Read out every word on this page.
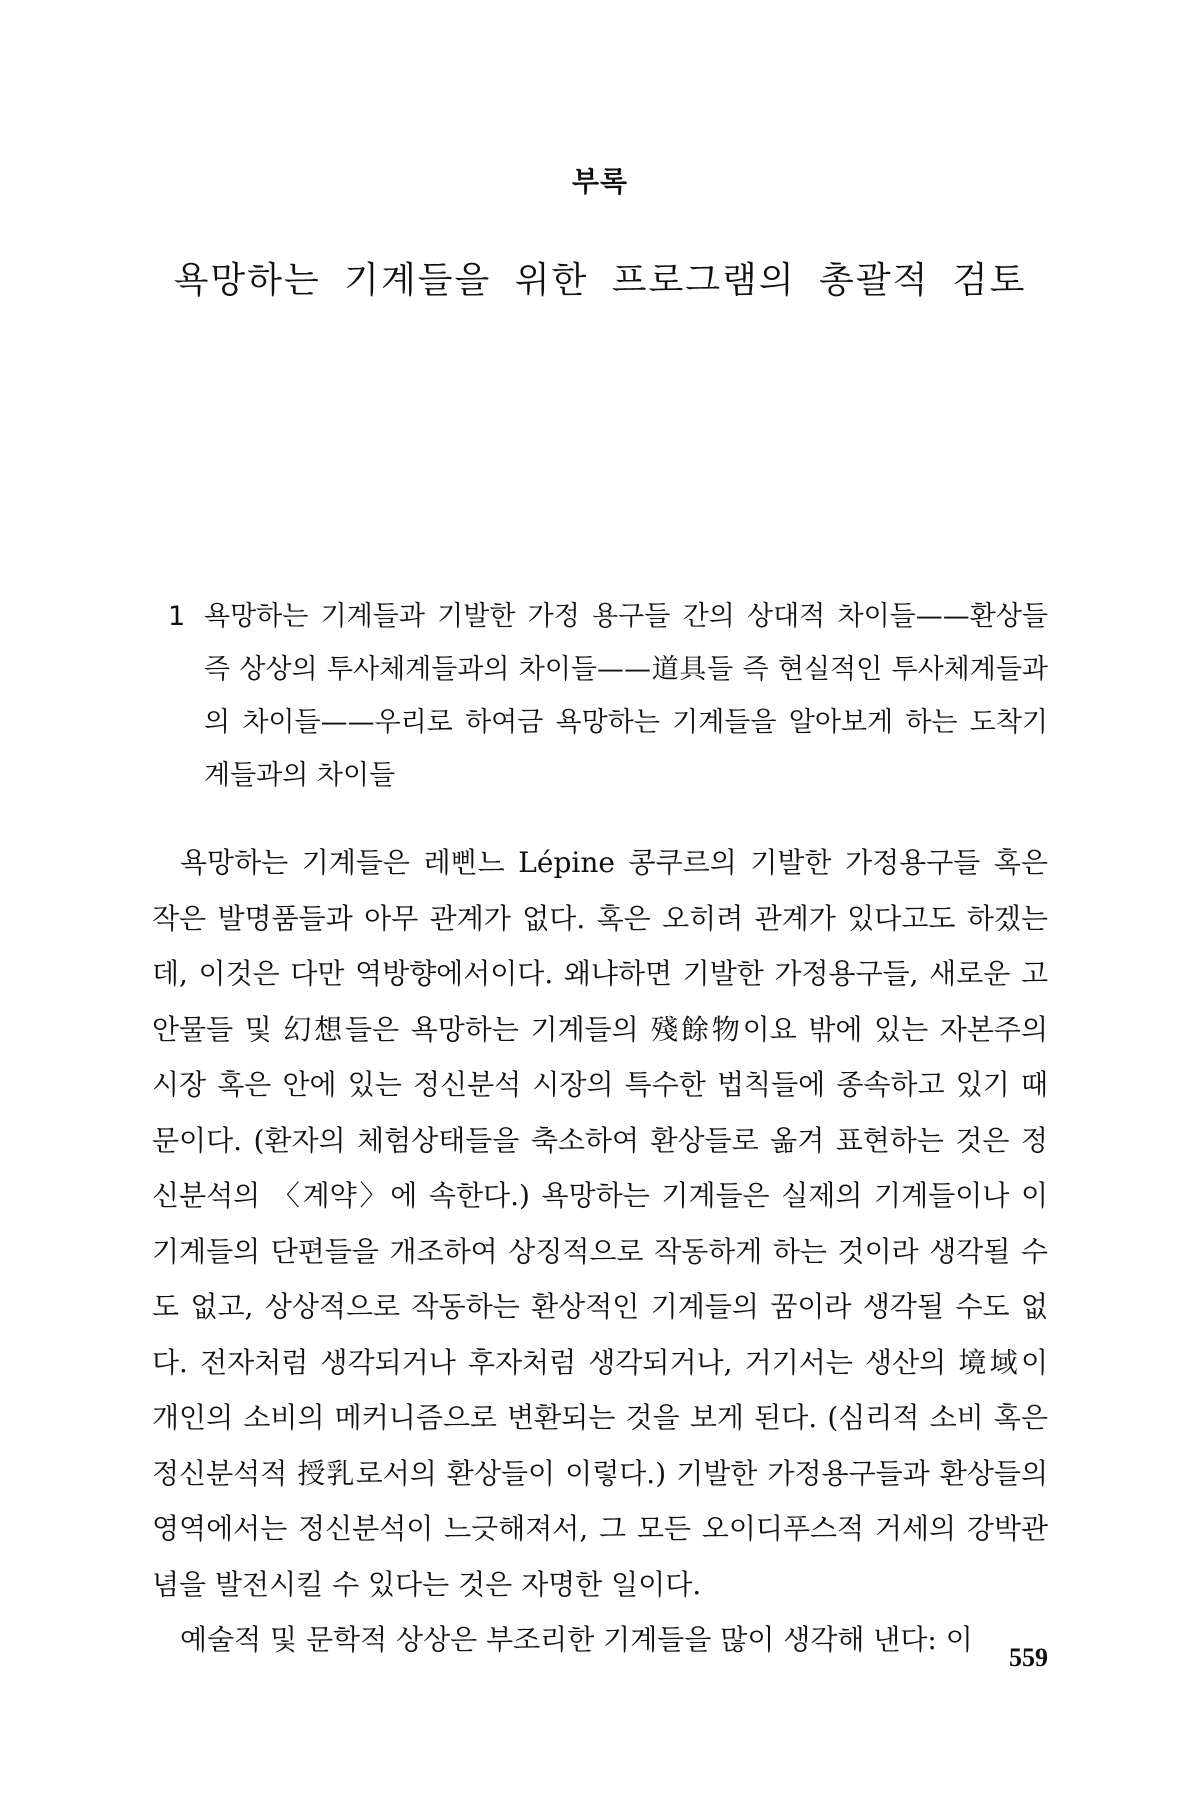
부록
욕망하는 기계들을 위한 프로그램의 총괄적 검토
1 욕망하는 기계들과 기발한 가정 용구들 간의 상대적 차이들——환상들 즉 상상의 투사체계들과의 차이들——道具들 즉 현실적인 투사체계들과의 차이들——우리로 하여금 욕망하는 기계들을 알아보게 하는 도착기계들과의 차이들

욕망하는 기계들은 레삔느 Lépine 콩쿠르의 기발한 가정용구들 혹은 작은 발명품들과 아무 관계가 없다. 혹은 오히려 관계가 있다고도 하겠는데, 이것은 다만 역방향에서이다. 왜냐하면 기발한 가정용구들, 새로운 고안물들 및 幻想들은 욕망하는 기계들의 殘餘物이요 밖에 있는 자본주의 시장 혹은 안에 있는 정신분석 시장의 특수한 법칙들에 종속하고 있기 때문이다. (환자의 체험상태들을 축소하여 환상들로 옮겨 표현하는 것은 정신분석의 〈계약〉에 속한다.) 욕망하는 기계들은 실제의 기계들이나 이 기계들의 단편들을 개조하여 상징적으로 작동하게 하는 것이라 생각될 수도 없고, 상상적으로 작동하는 환상적인 기계들의 꿈이라 생각될 수도 없다. 전자처럼 생각되거나 후자처럼 생각되거나, 거기서는 생산의 境域이 개인의 소비의 메커니즘으로 변환되는 것을 보게 된다. (심리적 소비 혹은 정신분석적 授乳로서의 환상들이 이렇다.) 기발한 가정용구들과 환상들의 영역에서는 정신분석이 느긋해져서, 그 모든 오이디푸스적 거세의 강박관념을 발전시킬 수 있다는 것은 자명한 일이다.

예술적 및 문학적 상상은 부조리한 기계들을 많이 생각해 낸다: 이

559
